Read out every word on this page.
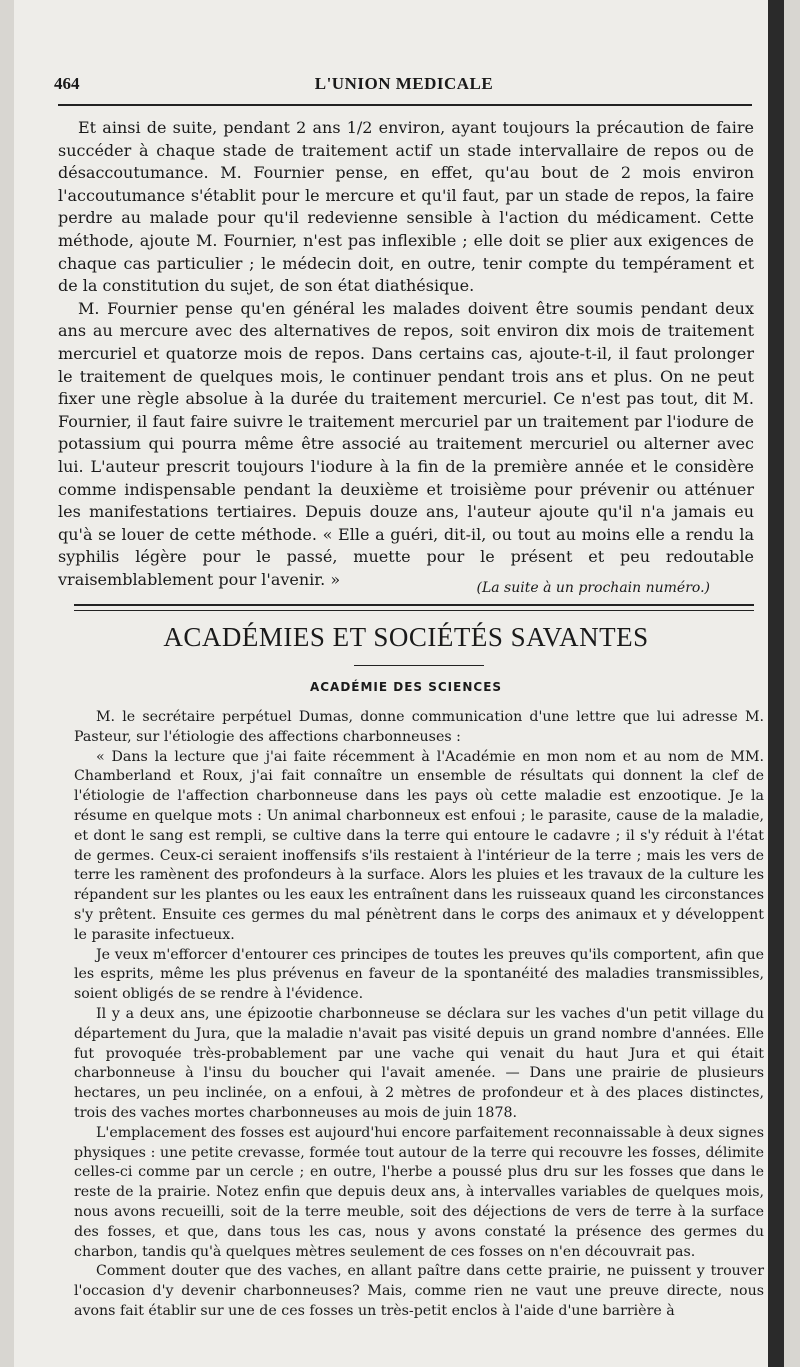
464	L'UNION MEDICALE

Et ainsi de suite, pendant 2 ans 1/2 environ, ayant toujours la précaution de faire succéder à chaque stade de traitement actif un stade intervallaire de repos ou de désaccoutumance. M. Fournier pense, en effet, qu'au bout de 2 mois environ l'accoutumance s'établit pour le mercure et qu'il faut, par un stade de repos, la faire perdre au malade pour qu'il redevienne sensible à l'action du médicament. Cette méthode, ajoute M. Fournier, n'est pas inflexible ; elle doit se plier aux exigences de chaque cas particulier ; le médecin doit, en outre, tenir compte du tempérament et de la constitution du sujet, de son état diathésique.

M. Fournier pense qu'en général les malades doivent être soumis pendant deux ans au mercure avec des alternatives de repos, soit environ dix mois de traitement mercuriel et quatorze mois de repos. Dans certains cas, ajoute-t-il, il faut prolonger le traitement de quelques mois, le continuer pendant trois ans et plus. On ne peut fixer une règle absolue à la durée du traitement mercuriel. Ce n'est pas tout, dit M. Fournier, il faut faire suivre le traitement mercuriel par un traitement par l'iodure de potassium qui pourra même être associé au traitement mercuriel ou alterner avec lui. L'auteur prescrit toujours l'iodure à la fin de la première année et le considère comme indispensable pendant la deuxième et troisième pour prévenir ou atténuer les manifestations tertiaires. Depuis douze ans, l'auteur ajoute qu'il n'a jamais eu qu'à se louer de cette méthode. « Elle a guéri, dit-il, ou tout au moins elle a rendu la syphilis légère pour le passé, muette pour le présent et peu redoutable vraisemblablement pour l'avenir. »	(La suite à un prochain numéro.)
ACADÉMIES ET SOCIÉTÉS SAVANTES
ACADÉMIE DES SCIENCES

M. le secrétaire perpétuel Dumas, donne communication d'une lettre que lui adresse M. Pasteur, sur l'étiologie des affections charbonneuses :

« Dans la lecture que j'ai faite récemment à l'Académie en mon nom et au nom de MM. Chamberland et Roux, j'ai fait connaître un ensemble de résultats qui donnent la clef de l'étiologie de l'affection charbonneuse dans les pays où cette maladie est enzootique. Je la résume en quelque mots : Un animal charbonneux est enfoui ; le parasite, cause de la maladie, et dont le sang est rempli, se cultive dans la terre qui entoure le cadavre ; il s'y réduit à l'état de germes. Ceux-ci seraient inoffensifs s'ils restaient à l'intérieur de la terre ; mais les vers de terre les ramènent des profondeurs à la surface. Alors les pluies et les travaux de la culture les répandent sur les plantes ou les eaux les entraînent dans les ruisseaux quand les circonstances s'y prêtent. Ensuite ces germes du mal pénètrent dans le corps des animaux et y développent le parasite infectueux.

Je veux m'efforcer d'entourer ces principes de toutes les preuves qu'ils comportent, afin que les esprits, même les plus prévenus en faveur de la spontanéité des maladies transmissibles, soient obligés de se rendre à l'évidence.

Il y a deux ans, une épizootie charbonneuse se déclara sur les vaches d'un petit village du département du Jura, que la maladie n'avait pas visité depuis un grand nombre d'années. Elle fut provoquée très-probablement par une vache qui venait du haut Jura et qui était charbonneuse à l'insu du boucher qui l'avait amenée. — Dans une prairie de plusieurs hectares, un peu inclinée, on a enfoui, à 2 mètres de profondeur et à des places distinctes, trois des vaches mortes charbonneuses au mois de juin 1878.

L'emplacement des fosses est aujourd'hui encore parfaitement reconnaissable à deux signes physiques : une petite crevasse, formée tout autour de la terre qui recouvre les fosses, délimite celles-ci comme par un cercle ; en outre, l'herbe a poussé plus dru sur les fosses que dans le reste de la prairie. Notez enfin que depuis deux ans, à intervalles variables de quelques mois, nous avons recueilli, soit de la terre meuble, soit des déjections de vers de terre à la surface des fosses, et que, dans tous les cas, nous y avons constaté la présence des germes du charbon, tandis qu'à quelques mètres seulement de ces fosses on n'en découvrait pas.

Comment douter que des vaches, en allant paître dans cette prairie, ne puissent y trouver l'occasion d'y devenir charbonneuses? Mais, comme rien ne vaut une preuve directe, nous avons fait établir sur une de ces fosses un très-petit enclos à l'aide d'une barrière à
